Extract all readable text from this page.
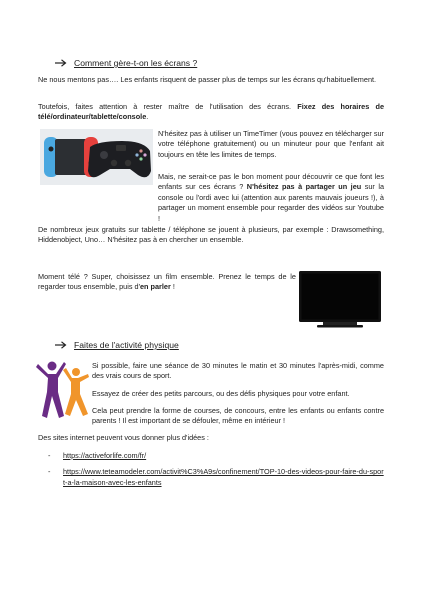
Comment gère-t-on les écrans ?

Ne nous mentons pas…. Les enfants risquent de passer plus de temps sur les écrans qu'habituellement.

Toutefois, faites attention à rester maître de l'utilisation des écrans. Fixez des horaires de télé/ordinateur/tablette/console.

N'hésitez pas à utiliser un TimeTimer (vous pouvez en télécharger sur votre téléphone gratuitement) ou un minuteur pour que l'enfant ait toujours en tête les limites de temps.

Mais, ne serait-ce pas le bon moment pour découvrir ce que font les enfants sur ces écrans ? N'hésitez pas à partager un jeu sur la console ou l'ordi avec lui (attention aux parents mauvais joueurs !), à partager un moment ensemble pour regarder des vidéos sur Youtube !

De nombreux jeux gratuits sur tablette / téléphone se jouent à plusieurs, par exemple : Drawsomething, Hiddenobject, Uno… N'hésitez pas à en chercher un ensemble.

Moment télé ? Super, choisissez un film ensemble. Prenez le temps de le regarder tous ensemble, puis d'en parler !

Faites de l'activité physique

Si possible, faire une séance de 30 minutes le matin et 30 minutes l'après-midi, comme des vrais cours de sport.

Essayez de créer des petits parcours, ou des défis physiques pour votre enfant.

Cela peut prendre la forme de courses, de concours, entre les enfants ou enfants contre parents ! Il est important de se défouler, même en intérieur !

Des sites internet peuvent vous donner plus d'idées :

-	https://activeforlife.com/fr/
-	https://www.teteamodeler.com/activit%C3%A9s/confinement/TOP-10-des-videos-pour-faire-du-sport-a-la-maison-avec-les-enfants
